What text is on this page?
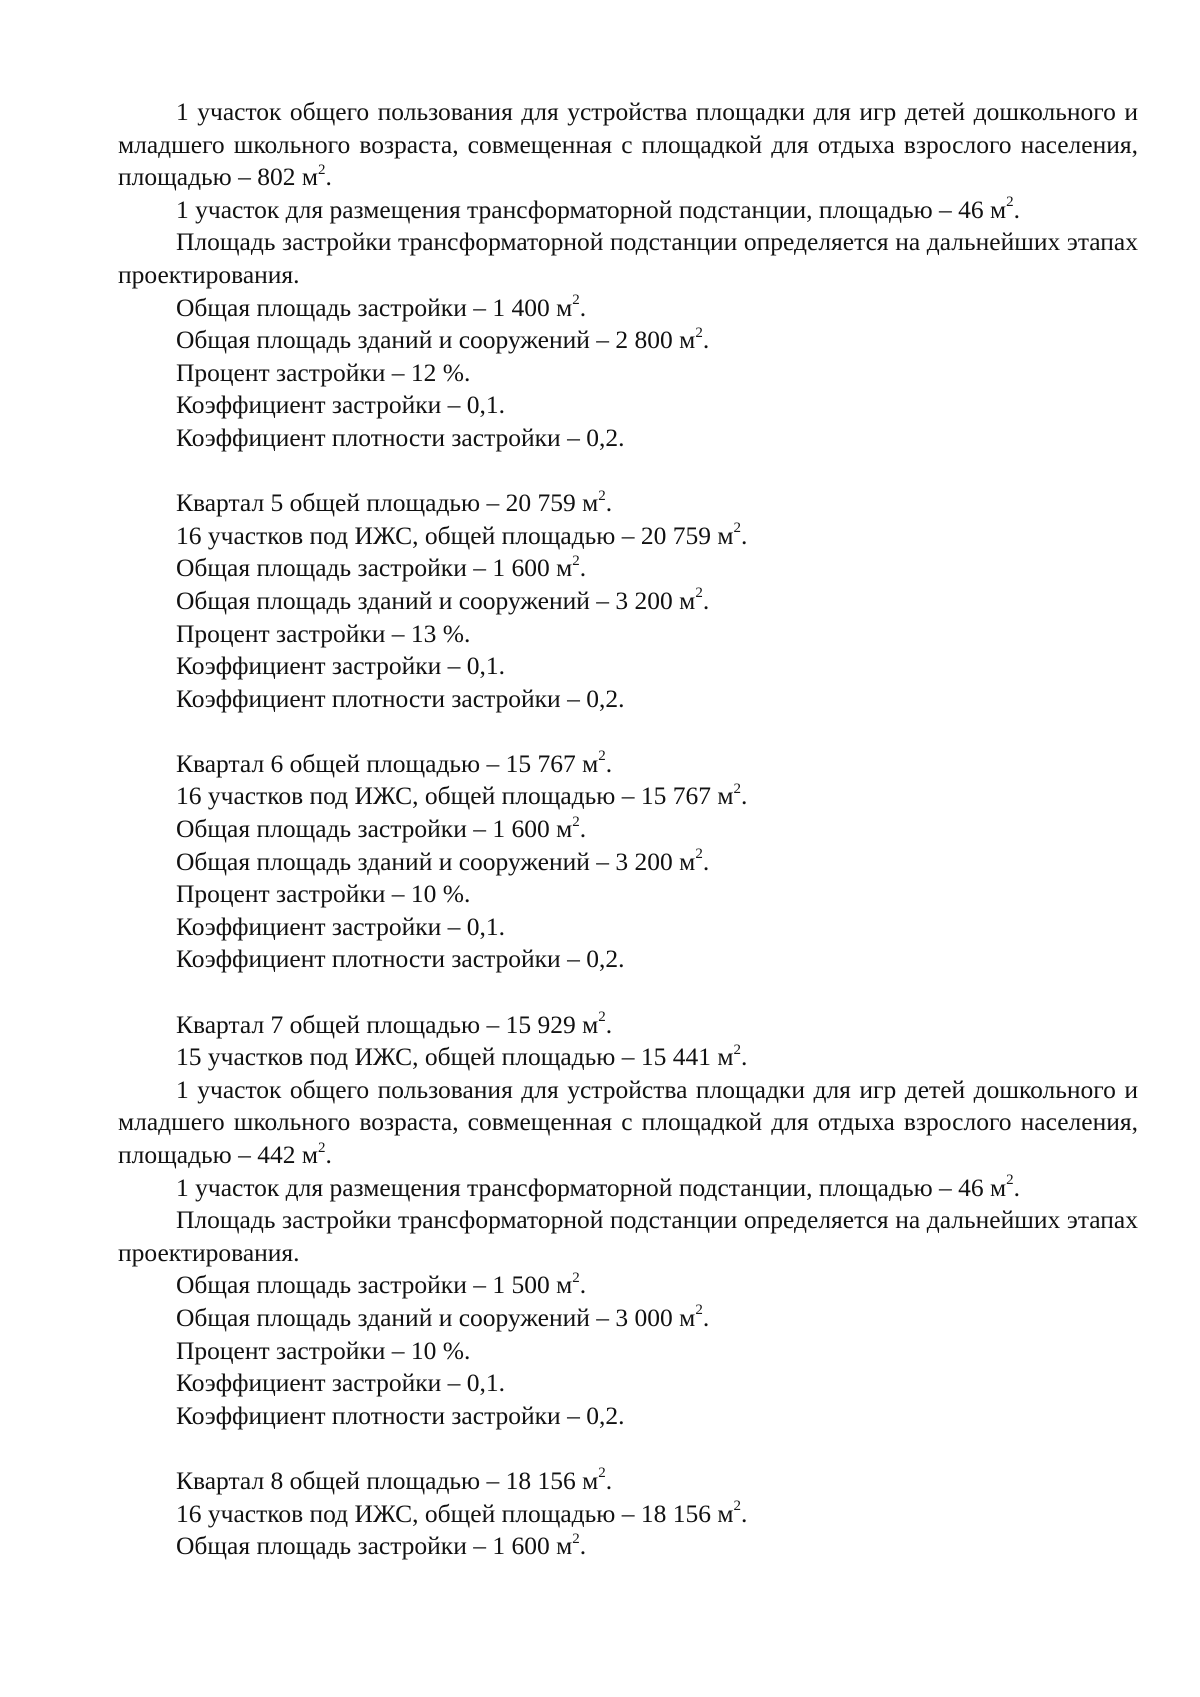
1 участок общего пользования для устройства площадки для игр детей дошкольного и младшего школьного возраста, совмещенная с площадкой для отдыха взрослого населения, площадью – 802 $м^2$.

1 участок для размещения трансформаторной подстанции, площадью – 46 $м^2$.

Площадь застройки трансформаторной подстанции определяется на дальнейших этапах проектирования.

Общая площадь застройки – 1 400 $м^2$.

Общая площадь зданий и сооружений – 2 800 $м^2$.

Процент застройки – 12 %.

Коэффициент застройки – 0,1.

Коэффициент плотности застройки – 0,2.

Квартал 5 общей площадью – 20 759 $м^2$.

16 участков под ИЖС, общей площадью – 20 759 $м^2$.

Общая площадь застройки – 1 600 $м^2$.

Общая площадь зданий и сооружений – 3 200 $м^2$.

Процент застройки – 13 %.

Коэффициент застройки – 0,1.

Коэффициент плотности застройки – 0,2.

Квартал 6 общей площадью – 15 767 $м^2$.

16 участков под ИЖС, общей площадью – 15 767 $м^2$.

Общая площадь застройки – 1 600 $м^2$.

Общая площадь зданий и сооружений – 3 200 $м^2$.

Процент застройки – 10 %.

Коэффициент застройки – 0,1.

Коэффициент плотности застройки – 0,2.

Квартал 7 общей площадью – 15 929 $м^2$.

15 участков под ИЖС, общей площадью – 15 441 $м^2$.

1 участок общего пользования для устройства площадки для игр детей дошкольного и младшего школьного возраста, совмещенная с площадкой для отдыха взрослого населения, площадью – 442 $м^2$.

1 участок для размещения трансформаторной подстанции, площадью – 46 $м^2$.

Площадь застройки трансформаторной подстанции определяется на дальнейших этапах проектирования.

Общая площадь застройки – 1 500 $м^2$.

Общая площадь зданий и сооружений – 3 000 $м^2$.

Процент застройки – 10 %.

Коэффициент застройки – 0,1.

Коэффициент плотности застройки – 0,2.

Квартал 8 общей площадью – 18 156 $м^2$.

16 участков под ИЖС, общей площадью – 18 156 $м^2$.

Общая площадь застройки – 1 600 $м^2$.
